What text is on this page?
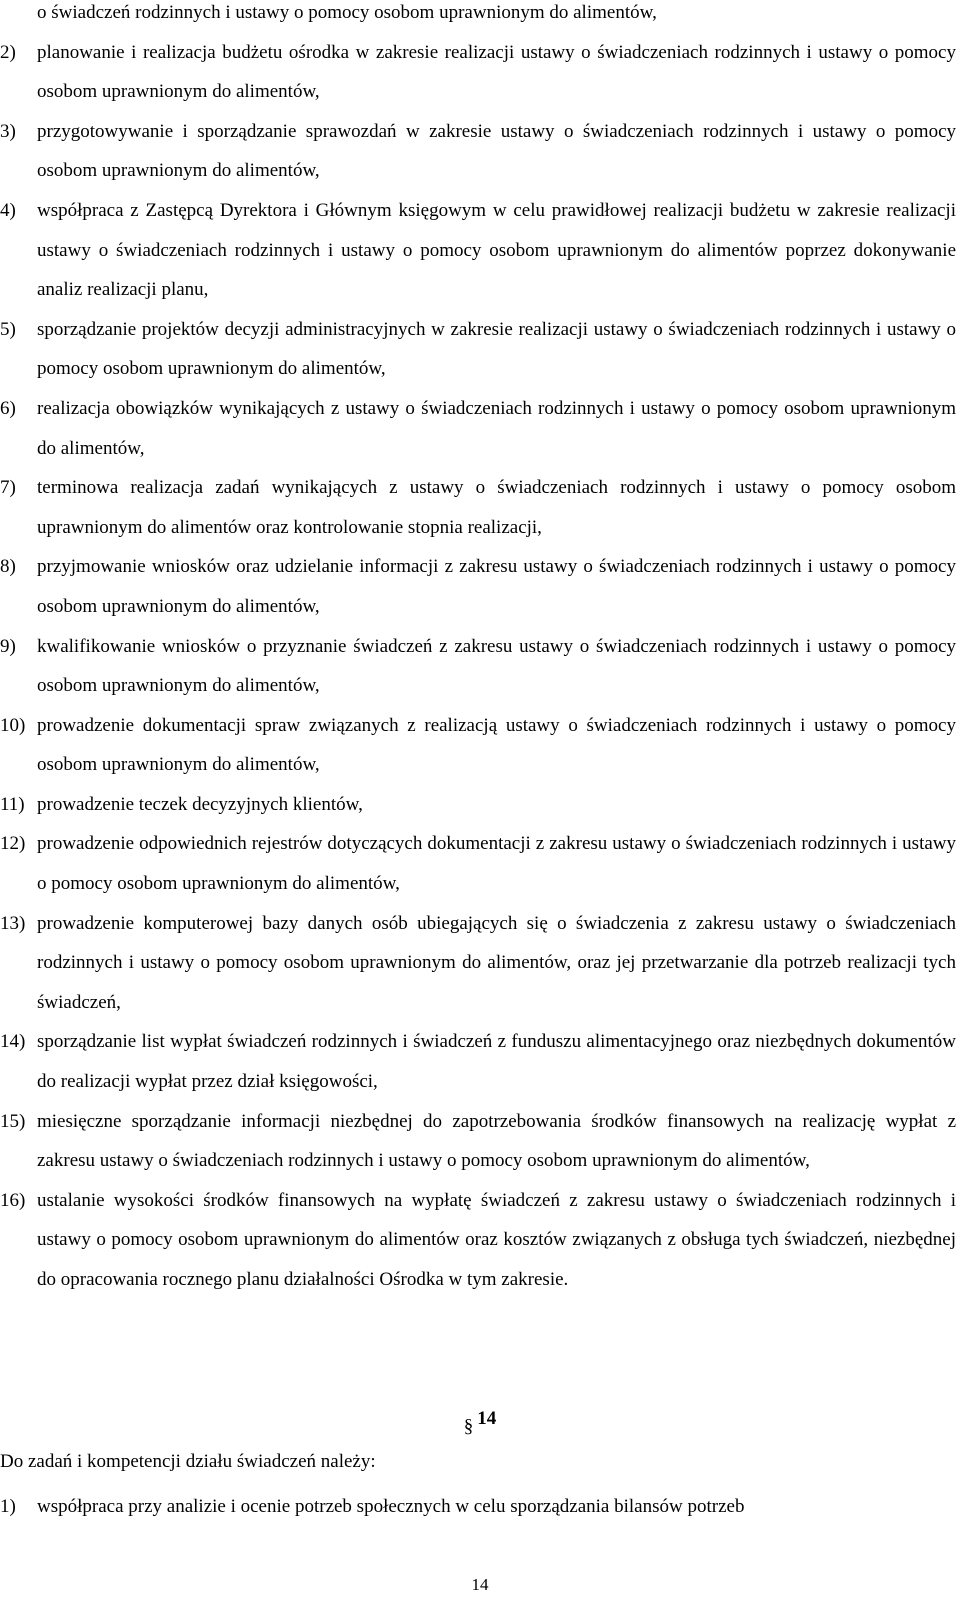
o świadczeń rodzinnych i ustawy o pomocy osobom uprawnionym do alimentów,
2) planowanie i realizacja budżetu ośrodka w zakresie realizacji ustawy o świadczeniach rodzinnych i ustawy o pomocy osobom uprawnionym do alimentów,
3) przygotowywanie i sporządzanie sprawozdań w zakresie ustawy o świadczeniach rodzinnych i ustawy o pomocy osobom uprawnionym do alimentów,
4) współpraca z Zastępcą Dyrektora i Głównym księgowym w celu prawidłowej realizacji budżetu w zakresie realizacji ustawy o świadczeniach rodzinnych i ustawy o pomocy osobom uprawnionym do alimentów poprzez dokonywanie analiz realizacji planu,
5) sporządzanie projektów decyzji administracyjnych w zakresie realizacji ustawy o świadczeniach rodzinnych i ustawy o pomocy osobom uprawnionym do alimentów,
6) realizacja obowiązków wynikających z ustawy o świadczeniach rodzinnych i ustawy o pomocy osobom uprawnionym do alimentów,
7) terminowa realizacja zadań wynikających z ustawy o świadczeniach rodzinnych i ustawy o pomocy osobom uprawnionym do alimentów oraz kontrolowanie stopnia realizacji,
8) przyjmowanie wniosków oraz udzielanie informacji z zakresu ustawy o świadczeniach rodzinnych i ustawy o pomocy osobom uprawnionym do alimentów,
9) kwalifikowanie wniosków o przyznanie świadczeń z zakresu ustawy o świadczeniach rodzinnych i ustawy o pomocy osobom uprawnionym do alimentów,
10) prowadzenie dokumentacji spraw związanych z realizacją ustawy o świadczeniach rodzinnych i ustawy o pomocy osobom uprawnionym do alimentów,
11) prowadzenie teczek decyzyjnych klientów,
12) prowadzenie odpowiednich rejestrów dotyczących dokumentacji z zakresu ustawy o świadczeniach rodzinnych i ustawy o pomocy osobom uprawnionym do alimentów,
13) prowadzenie komputerowej bazy danych osób ubiegających się o świadczenia z zakresu ustawy o świadczeniach rodzinnych i ustawy o pomocy osobom uprawnionym do alimentów, oraz jej przetwarzanie dla potrzeb realizacji tych świadczeń,
14) sporządzanie list wypłat świadczeń rodzinnych i świadczeń z funduszu alimentacyjnego oraz niezbędnych dokumentów do realizacji wypłat przez dział księgowości,
15) miesięczne sporządzanie informacji niezbędnej do zapotrzebowania środków finansowych na realizację wypłat z zakresu ustawy o świadczeniach rodzinnych i ustawy o pomocy osobom uprawnionym do alimentów,
16) ustalanie wysokości środków finansowych na wypłatę świadczeń z zakresu ustawy o świadczeniach rodzinnych i ustawy o pomocy osobom uprawnionym do alimentów oraz kosztów związanych z obsługa tych świadczeń, niezbędnej do opracowania rocznego planu działalności Ośrodka w tym zakresie.
§ 14
Do zadań i kompetencji działu świadczeń należy:
1) współpraca przy analizie i ocenie potrzeb społecznych w celu sporządzania bilansów potrzeb
14
